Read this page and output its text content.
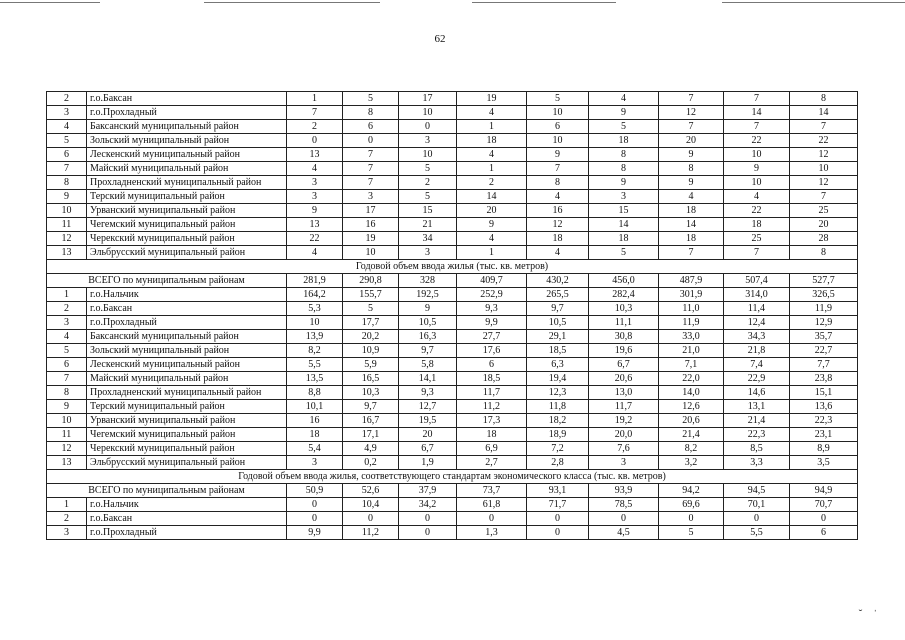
62
2	г.о.Баксан	1	5	17	19	5	4	7	7	8
3	г.о.Прохладный	7	8	10	4	10	9	12	14	14
4	Баксанский муниципальный район	2	6	0	1	6	5	7	7	7
5	Зольский муниципальный район	0	0	3	18	10	18	20	22	22
6	Лескенский муниципальный район	13	7	10	4	9	8	9	10	12
7	Майский муниципальный район	4	7	5	1	7	8	8	9	10
8	Прохладненский муниципальный район	3	7	2	2	8	9	9	10	12
9	Терский муниципальный район	3	3	5	14	4	3	4	4	7
10	Урванский муниципальный район	9	17	15	20	16	15	18	22	25
11	Чегемский муниципальный район	13	16	21	9	12	14	14	18	20
12	Черекский муниципальный район	22	19	34	4	18	18	18	25	28
13	Эльбрусский муниципальный район	4	10	3	1	4	5	7	7	8
Годовой объем ввода жилья (тыс. кв. метров)										
ВСЕГО по муниципальным районам		281,9	290,8	328	409,7	430,2	456,0	487,9	507,4	527,7
1	г.о.Нальчик	164,2	155,7	192,5	252,9	265,5	282,4	301,9	314,0	326,5
2	г.о.Баксан	5,3	5	9	9,3	9,7	10,3	11,0	11,4	11,9
3	г.о.Прохладный	10	17,7	10,5	9,9	10,5	11,1	11,9	12,4	12,9
4	Баксанский муниципальный район	13,9	20,2	16,3	27,7	29,1	30,8	33,0	34,3	35,7
5	Зольский муниципальный район	8,2	10,9	9,7	17,6	18,5	19,6	21,0	21,8	22,7
6	Лескенский муниципальный район	5,5	5,9	5,8	6	6,3	6,7	7,1	7,4	7,7
7	Майский муниципальный район	13,5	16,5	14,1	18,5	19,4	20,6	22,0	22,9	23,8
8	Прохладненский муниципальный район	8,8	10,3	9,3	11,7	12,3	13,0	14,0	14,6	15,1
9	Терский муниципальный район	10,1	9,7	12,7	11,2	11,8	11,7	12,6	13,1	13,6
10	Урванский муниципальный район	16	16,7	19,5	17,3	18,2	19,2	20,6	21,4	22,3
11	Чегемский муниципальный район	18	17,1	20	18	18,9	20,0	21,4	22,3	23,1
12	Черекский муниципальный район	5,4	4,9	6,7	6,9	7,2	7,6	8,2	8,5	8,9
13	Эльбрусский муниципальный район	3	0,2	1,9	2,7	2,8	3	3,2	3,3	3,5
Годовой объем ввода жилья, соответствующего стандартам экономического класса (тыс. кв. метров)										
ВСЕГО по муниципальным районам		50,9	52,6	37,9	73,7	93,1	93,9	94,2	94,5	94,9
1	г.о.Нальчик	0	10,4	34,2	61,8	71,7	78,5	69,6	70,1	70,7
2	г.о.Баксан	0	0	0	0	0	0	0	0	0
3	г.о.Прохладный	9,9	11,2	0	1,3	0	4,5	5	5,5	6
ˇ    ˈ
